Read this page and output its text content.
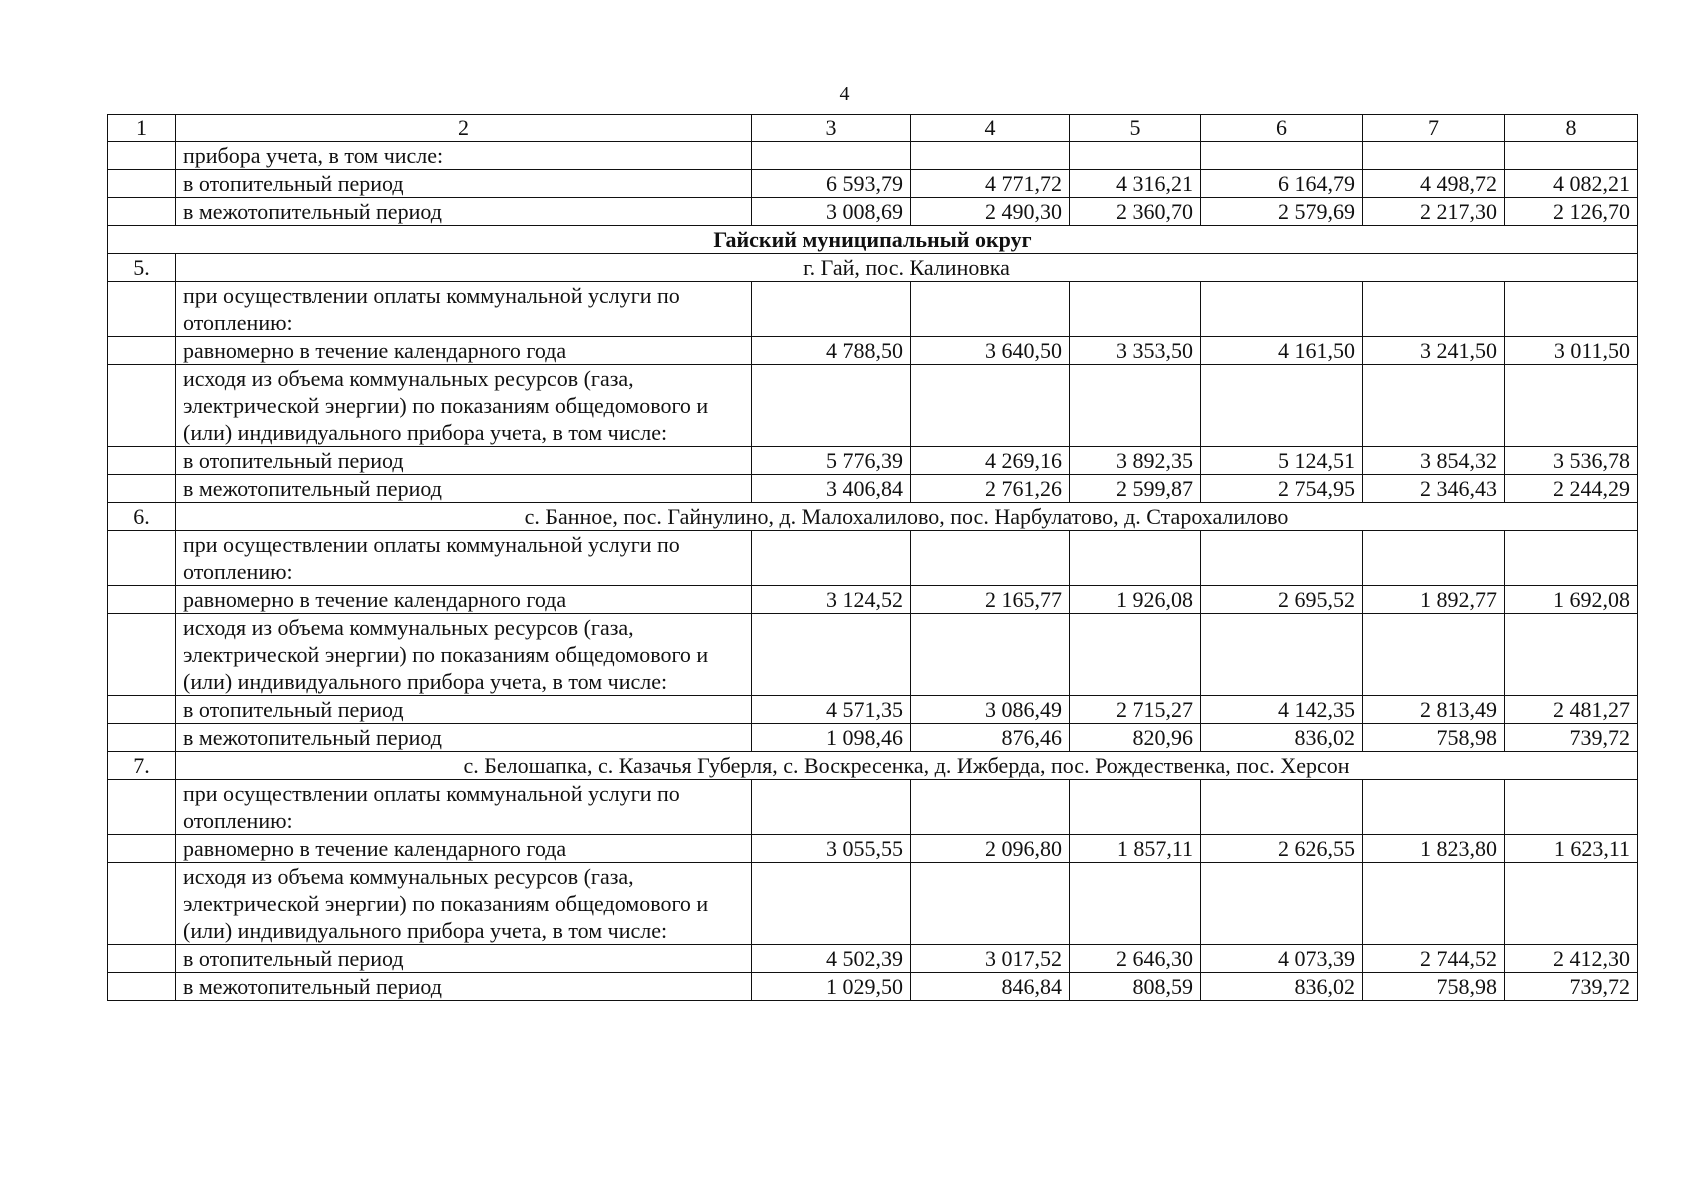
4
1	2	3	4	5	6	7	8
	прибора учета, в том числе:						
	в отопительный период	6 593,79	4 771,72	4 316,21	6 164,79	4 498,72	4 082,21
	в межотопительный период	3 008,69	2 490,30	2 360,70	2 579,69	2 217,30	2 126,70
Гайский муниципальный округ							
5.	г. Гай, пос. Калиновка						
	при осуществлении оплаты коммунальной услуги по отоплению:						
	равномерно в течение календарного года	4 788,50	3 640,50	3 353,50	4 161,50	3 241,50	3 011,50
	исходя из объема коммунальных ресурсов (газа, электрической энергии) по показаниям общедомового и (или) индивидуального прибора учета, в том числе:						
	в отопительный период	5 776,39	4 269,16	3 892,35	5 124,51	3 854,32	3 536,78
	в межотопительный период	3 406,84	2 761,26	2 599,87	2 754,95	2 346,43	2 244,29
6.	с. Банное, пос. Гайнулино, д. Малохалилово, пос. Нарбулатово, д. Старохалилово						
	при осуществлении оплаты коммунальной услуги по отоплению:						
	равномерно в течение календарного года	3 124,52	2 165,77	1 926,08	2 695,52	1 892,77	1 692,08
	исходя из объема коммунальных ресурсов (газа, электрической энергии) по показаниям общедомового и (или) индивидуального прибора учета, в том числе:						
	в отопительный период	4 571,35	3 086,49	2 715,27	4 142,35	2 813,49	2 481,27
	в межотопительный период	1 098,46	876,46	820,96	836,02	758,98	739,72
7.	с. Белошапка, с. Казачья Губерля, с. Воскресенка, д. Ижберда, пос. Рождественка, пос. Херсон						
	при осуществлении оплаты коммунальной услуги по отоплению:						
	равномерно в течение календарного года	3 055,55	2 096,80	1 857,11	2 626,55	1 823,80	1 623,11
	исходя из объема коммунальных ресурсов (газа, электрической энергии) по показаниям общедомового и (или) индивидуального прибора учета, в том числе:						
	в отопительный период	4 502,39	3 017,52	2 646,30	4 073,39	2 744,52	2 412,30
	в межотопительный период	1 029,50	846,84	808,59	836,02	758,98	739,72
